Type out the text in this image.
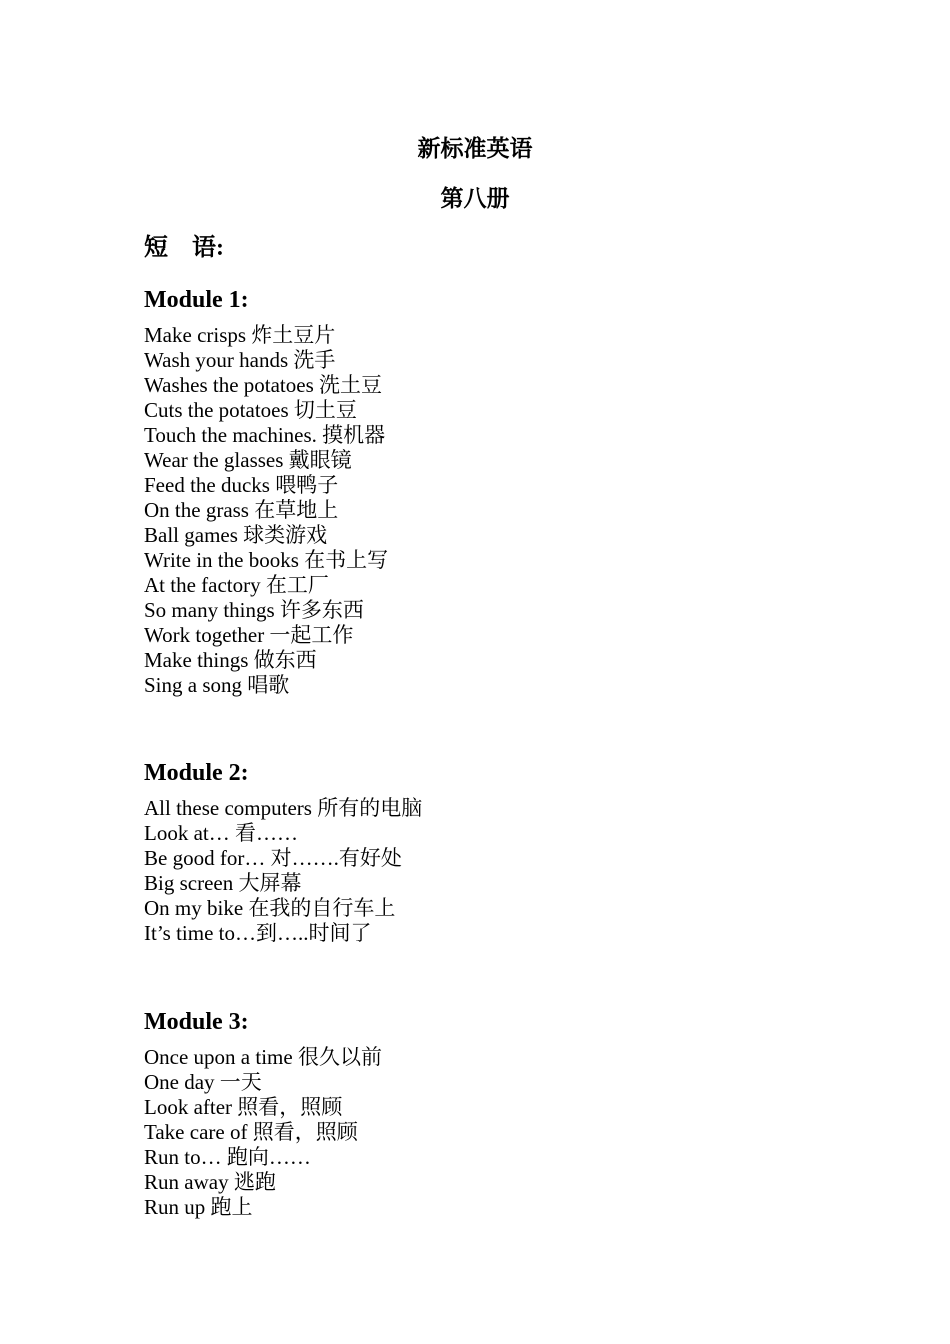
新标准英语
第八册
短    语:
Module 1:
Make crisps 炸土豆片
Wash your hands 洗手
Washes the potatoes 洗土豆
Cuts the potatoes 切土豆
Touch the machines. 摸机器
Wear the glasses 戴眼镜
Feed the ducks 喂鸭子
On the grass 在草地上
Ball games 球类游戏
Write in the books 在书上写
At the factory 在工厂
So many things 许多东西
Work together 一起工作
Make things 做东西
Sing a song 唱歌
Module 2:
All these computers 所有的电脑
Look at… 看……
Be good for… 对…….有好处
Big screen 大屏幕
On my bike 在我的自行车上
It’s time to…到…..时间了
Module 3:
Once upon a time 很久以前
One day 一天
Look after 照看，照顾
Take care of 照看，照顾
Run to… 跑向……
Run away 逃跑
Run up 跑上
